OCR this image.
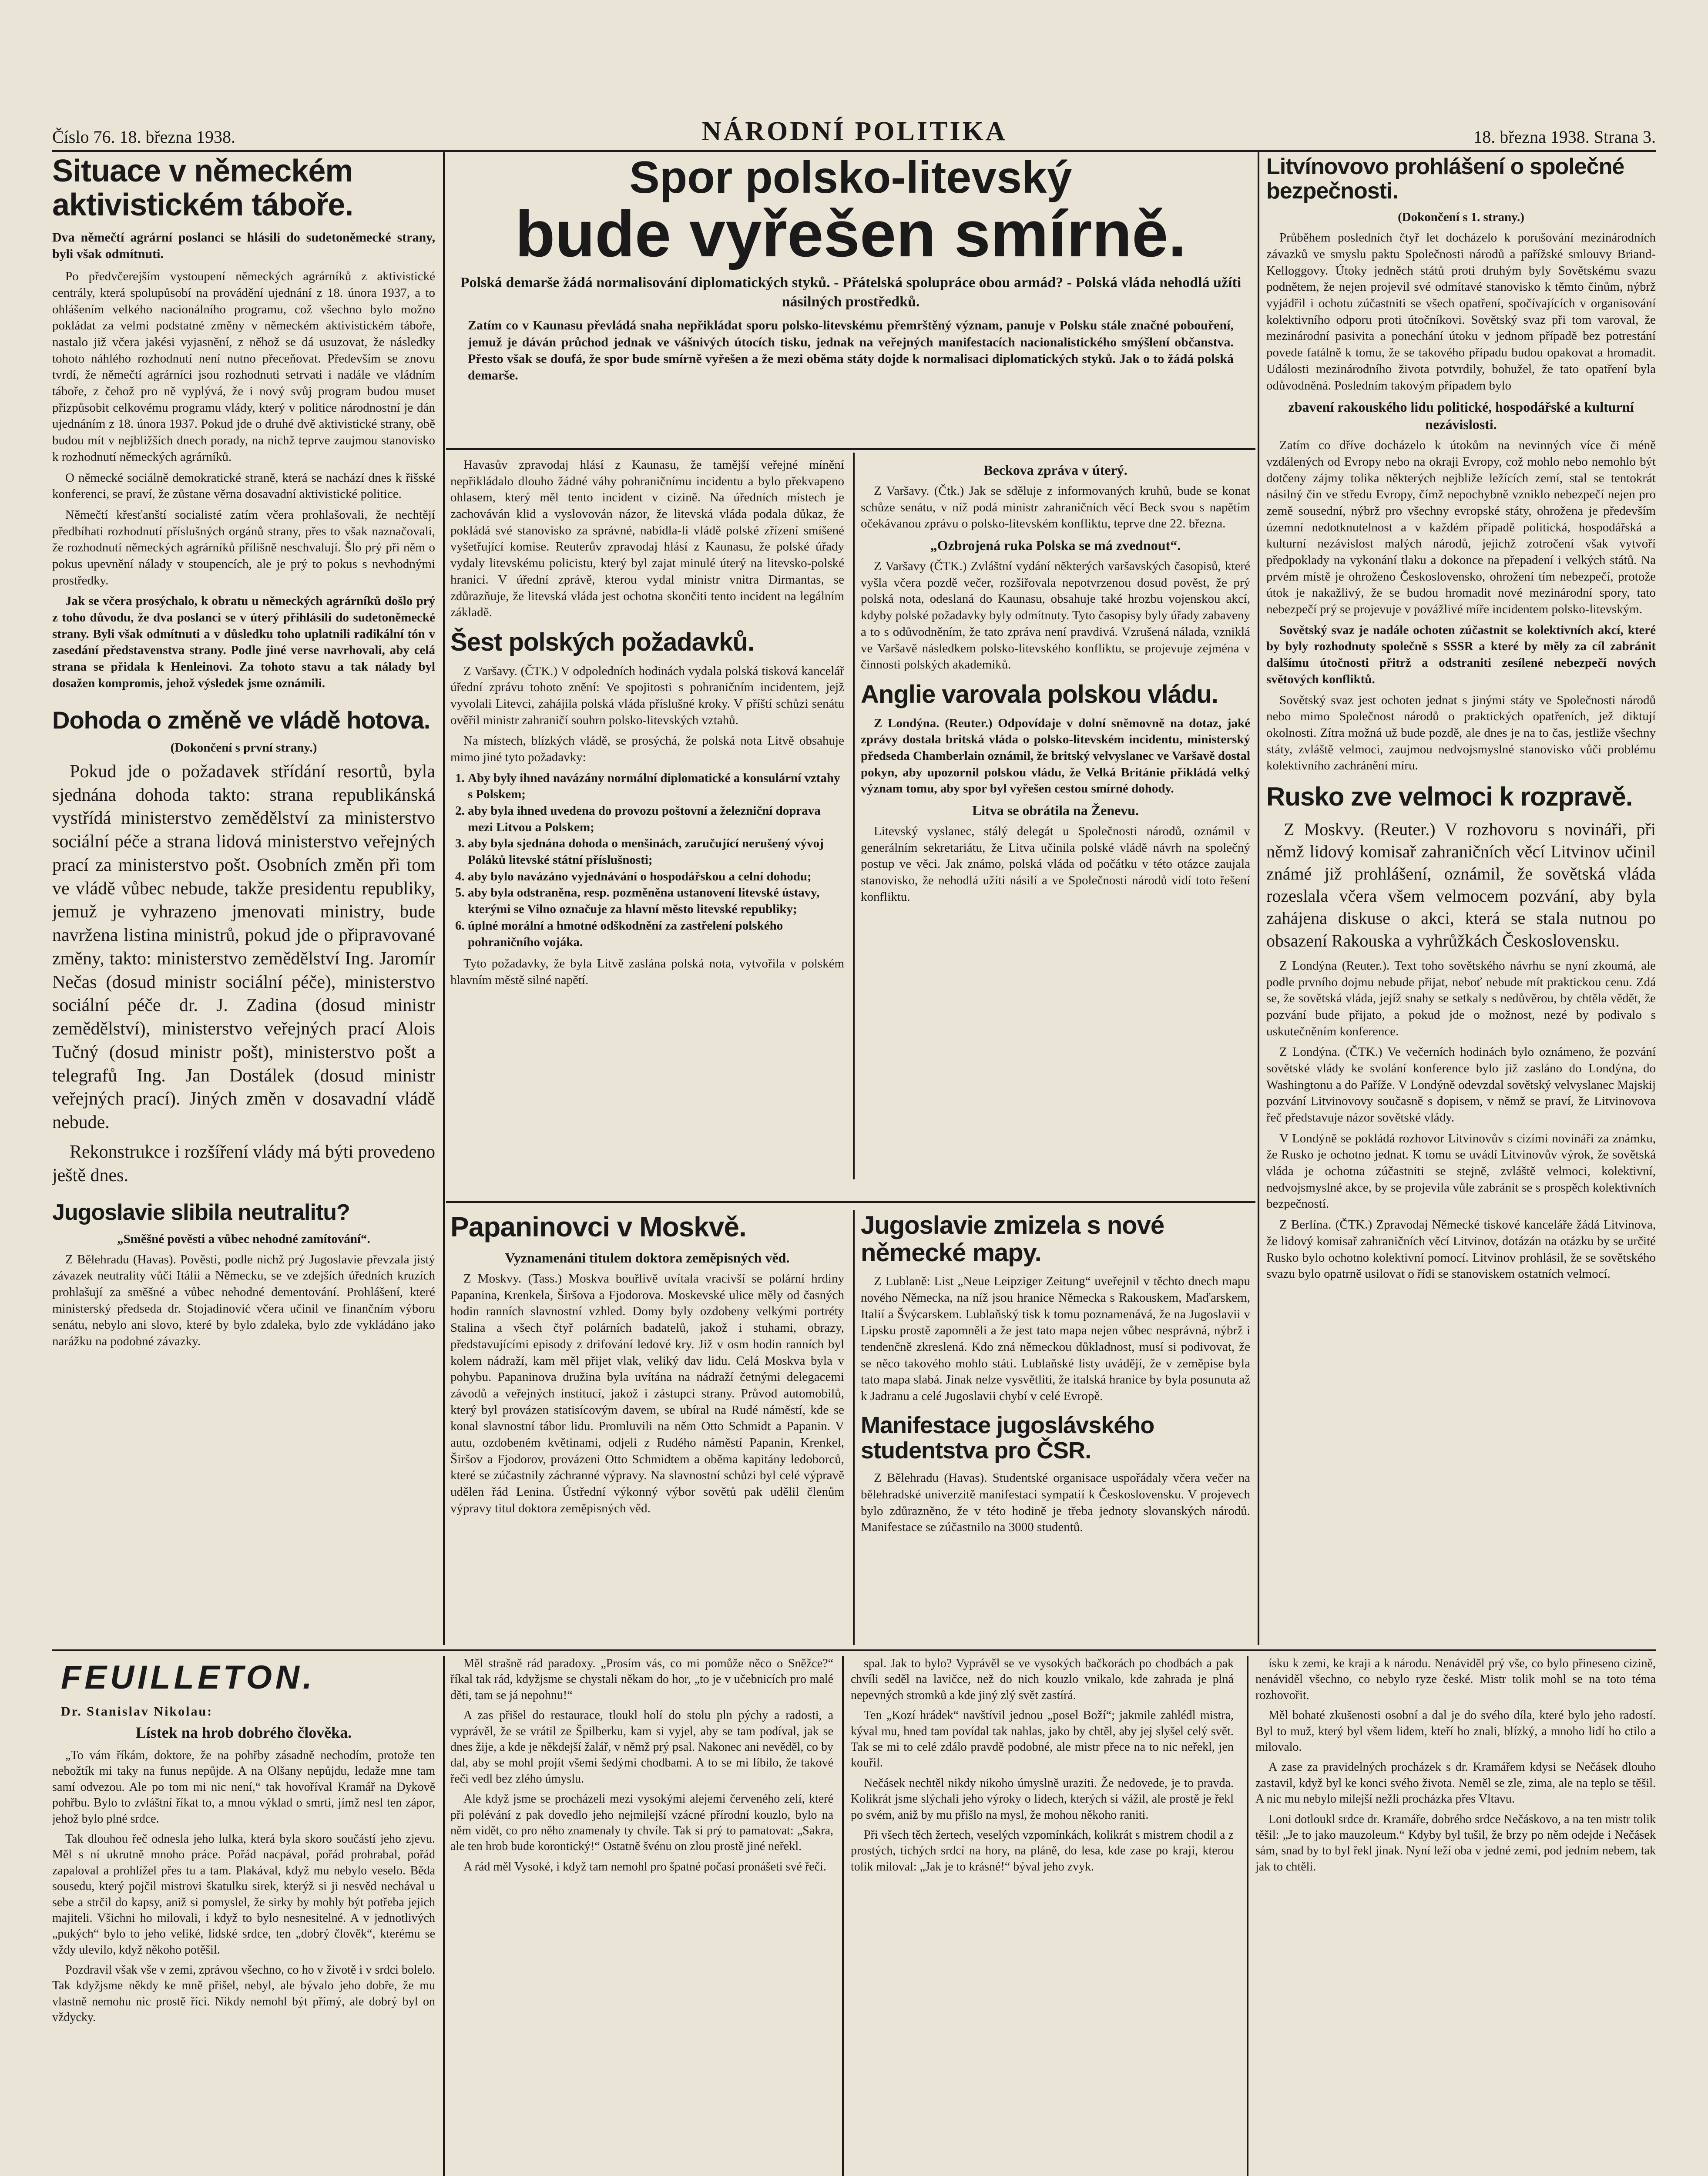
Číslo 76. 18. března 1938.	NÁRODNÍ POLITIKA	18. března 1938. Strana 3.
Situace v německém aktivistickém táboře.
Dva němečtí agrární poslanci se hlásili do sudetoněmecké strany, byli však odmítnuti.

Po předvčerejším vystoupení německých agrárníků z aktivistické centrály, která spolupůsobí na provádění ujednání z 18. února 1937, a to ohlášením velkého nacionálního programu, což všechno bylo možno pokládat za velmi podstatné změny v německém aktivistickém táboře, nastalo již včera jakési vyjasnění, z něhož se dá usuzovat, že následky tohoto náhlého rozhodnutí není nutno přeceňovat. Především se znovu tvrdí, že němečtí agrárníci jsou rozhodnuti setrvati i nadále ve vládním táboře, z čehož pro ně vyplývá, že i nový svůj program budou muset přizpůsobit celkovému programu vlády, který v politice národnostní je dán ujednáním z 18. února 1937. Pokud jde o druhé dvě aktivistické strany, obě budou mít v nejbližších dnech porady, na nichž teprve zaujmou stanovisko k rozhodnutí německých agrárníků.

O německé sociálně demokratické straně, která se nachází dnes k řišské konferenci, se praví, že zůstane věrna dosavadní aktivistické politice.

Němečtí křesťanští socialisté zatím včera prohlašovali, že nechtějí předbíhati rozhodnutí příslušných orgánů strany, přes to však naznačovali, že rozhodnutí německých agrárníků přílišně neschvalují. Šlo prý při něm o pokus upevnění nálady v stoupencích, ale je prý to pokus s nevhodnými prostředky.

Jak se včera prosýchalo, k obratu u německých agrárníků došlo prý z toho důvodu, že dva poslanci se v úterý přihlásili do sudetoněmecké strany. Byli však odmítnuti a v důsledku toho uplatnili radikální tón v zasedání představenstva strany. Podle jiné verse navrhovali, aby celá strana se přidala k Henleinovi. Za tohoto stavu a tak nálady byl dosažen kompromis, jehož výsledek jsme oznámili.

Dohoda o změně ve vládě hotova.
(Dokončení s první strany.)

Pokud jde o požadavek střídání resortů, byla sjednána dohoda takto: strana republikánská vystřídá ministerstvo zemědělství za ministerstvo sociální péče a strana lidová ministerstvo veřejných prací za ministerstvo pošt. Osobních změn při tom ve vládě vůbec nebude, takže presidentu republiky, jemuž je vyhrazeno jmenovati ministry, bude navržena listina ministrů, pokud jde o připravované změny, takto: ministerstvo zemědělství Ing. Jaromír Nečas (dosud ministr sociální péče), ministerstvo sociální péče dr. J. Zadina (dosud ministr zemědělství), ministerstvo veřejných prací Alois Tučný (dosud ministr pošt), ministerstvo pošt a telegrafů Ing. Jan Dostálek (dosud ministr veřejných prací). Jiných změn v dosavadní vládě nebude.

Rekonstrukce i rozšíření vlády má býti provedeno ještě dnes.

Jugoslavie slibila neutralitu?
„Směšné pověsti a vůbec nehodné zamítování“.

Z Bělehradu (Havas). Pověsti, podle nichž prý Jugoslavie převzala jistý závazek neutrality vůči Itálii a Německu, se ve zdejších úředních kruzích prohlašují za směšné a vůbec nehodné dementování. Prohlášení, které ministerský předseda dr. Stojadinović včera učinil ve finančním výboru senátu, nebylo ani slovo, které by bylo zdaleka, bylo zde vykládáno jako narážku na podobné závazky.

Spor polsko-litevský
bude vyřešen smírně.
Polská demarše žádá normalisování diplomatických styků. - Přátelská spolupráce obou armád? - Polská vláda nehodlá užíti násilných prostředků.
Zatím co v Kaunasu převládá snaha nepřikládat sporu polsko-litevskému přemrštěný význam, panuje v Polsku stále značné pobouření, jemuž je dáván průchod jednak ve vášnivých útocích tisku, jednak na veřejných manifestacích nacionalistického smýšlení občanstva. Přesto však se doufá, že spor bude smírně vyřešen a že mezi oběma státy dojde k normalisaci diplomatických styků. Jak o to žádá polská demarše.

Havasův zpravodaj hlásí z Kaunasu, že tamější veřejné mínění nepřikládalo dlouho žádné váhy pohraničnímu incidentu a bylo překvapeno ohlasem, který měl tento incident v cizině. Na úředních místech je zachováván klid a vyslovován názor, že litevská vláda podala důkaz, že pokládá své stanovisko za správné, nabídla-li vládě polské zřízení smíšené vyšetřující komise. Reuterův zpravodaj hlásí z Kaunasu, že polské úřady vydaly litevskému policistu, který byl zajat minulé úterý na litevsko-polské hranici. V úřední zprávě, kterou vydal ministr vnitra Dirmantas, se zdůrazňuje, že litevská vláda jest ochotna skončiti tento incident na legálním základě.

Šest polských požadavků.

Z Varšavy. (ČTK.) V odpoledních hodinách vydala polská tisková kancelář úřední zprávu tohoto znění: Ve spojitosti s pohraničním incidentem, jejž vyvolali Litevci, zahájila polská vláda příslušné kroky. V příští schůzi senátu ověřil ministr zahraničí souhrn polsko-litevských vztahů.

Na místech, blízkých vládě, se prosýchá, že polská nota Litvě obsahuje mimo jiné tyto požadavky:

1. Aby byly ihned navázány normální diplomatické a konsulární vztahy s Polskem;
2. aby byla ihned uvedena do provozu poštovní a železniční doprava mezi Litvou a Polskem;
3. aby byla sjednána dohoda o menšinách, zaručující nerušený vývoj Poláků litevské státní příslušnosti;
4. aby bylo navázáno vyjednávání o hospodářskou a celní dohodu;
5. aby byla odstraněna, resp. pozměněna ustanovení litevské ústavy, kterými se Vilno označuje za hlavní město litevské republiky;
6. úplné morální a hmotné odškodnění za zastřelení polského pohraničního vojáka.

Tyto požadavky, že byla Litvě zaslána polská nota, vytvořila v polském hlavním městě silné napětí.

Beckova zpráva v úterý.

Z Varšavy. (Čtk.) Jak se sděluje z informovaných kruhů, bude se konat schůze senátu, v níž podá ministr zahraničních věcí Beck svou s napětím očekávanou zprávu o polsko-litevském konfliktu, teprve dne 22. března.

„Ozbrojená ruka Polska se má zvednout“.

Z Varšavy (ČTK.) Zvláštní vydání některých varšavských časopisů, které vyšla včera pozdě večer, rozšiřovala nepotvrzenou dosud pověst, že prý polská nota, odeslaná do Kaunasu, obsahuje také hrozbu vojenskou akcí, kdyby polské požadavky byly odmítnuty. Tyto časopisy byly úřady zabaveny a to s odůvodněním, že tato zpráva není pravdivá. Vzrušená nálada, vzniklá ve Varšavě následkem polsko-litevského konfliktu, se projevuje zejména v činnosti polských akademiků.

Anglie varovala polskou vládu.

Z Londýna. (Reuter.) Odpovídaje v dolní sněmovně na dotaz, jaké zprávy dostala britská vláda o polsko-litevském incidentu, ministerský předseda Chamberlain oznámil, že britský velvyslanec ve Varšavě dostal pokyn, aby upozornil polskou vládu, že Velká Británie přikládá velký význam tomu, aby spor byl vyřešen cestou smírné dohody.

Litva se obrátila na Ženevu.

Litevský vyslanec, stálý delegát u Společnosti národů, oznámil v generálním sekretariátu, že Litva učinila polské vládě návrh na společný postup ve věci. Jak známo, polská vláda od počátku v této otázce zaujala stanovisko, že nehodlá užíti násilí a ve Společnosti národů vidí toto řešení konfliktu.

Papaninovci v Moskvě.
Vyznamenáni titulem doktora zeměpisných věd.

Z Moskvy. (Tass.) Moskva bouřlivě uvítala vracivší se polární hrdiny Papanina, Krenkela, Širšova a Fjodorova. Moskevské ulice měly od časných hodin ranních slavnostní vzhled. Domy byly ozdobeny velkými portréty Stalina a všech čtyř polárních badatelů, jakož i stuhami, obrazy, představujícími episody z drifování ledové kry. Již v osm hodin ranních byl kolem nádraží, kam měl přijet vlak, veliký dav lidu. Celá Moskva byla v pohybu. Papaninova družina byla uvítána na nádraží četnými delegacemi závodů a veřejných institucí, jakož i zástupci strany. Průvod automobilů, který byl provázen statisícovým davem, se ubíral na Rudé náměstí, kde se konal slavnostní tábor lidu. Promluvili na něm Otto Schmidt a Papanin. V autu, ozdobeném květinami, odjeli z Rudého náměstí Papanin, Krenkel, Širšov a Fjodorov, provázeni Otto Schmidtem a oběma kapitány ledoborců, které se zúčastnily záchranné výpravy. Na slavnostní schůzi byl celé výpravě udělen řád Lenina. Ústřední výkonný výbor sovětů pak udělil členům výpravy titul doktora zeměpisných věd.

Jugoslavie zmizela s nové německé mapy.

Z Lublaně: List „Neue Leipziger Zeitung“ uveřejnil v těchto dnech mapu nového Německa, na níž jsou hranice Německa s Rakouskem, Maďarskem, Italií a Švýcarskem. Lublaňský tisk k tomu poznamenává, že na Jugoslavii v Lipsku prostě zapomněli a že jest tato mapa nejen vůbec nesprávná, nýbrž i tendenčně zkreslená. Kdo zná německou důkladnost, musí si podivovat, že se něco takového mohlo státi. Lublaňské listy uvádějí, že v zeměpise byla tato mapa slabá. Jinak nelze vysvětliti, že italská hranice by byla posunuta až k Jadranu a celé Jugoslavii chybí v celé Evropě.

Manifestace jugoslávského studentstva pro ČSR.

Z Bělehradu (Havas). Studentské organisace uspořádaly včera večer na bělehradské univerzitě manifestaci sympatií k Československu. V projevech bylo zdůrazněno, že v této hodině je třeba jednoty slovanských národů. Manifestace se zúčastnilo na 3000 studentů.

Litvínovovo prohlášení o společné bezpečnosti.
(Dokončení s 1. strany.)

Průběhem posledních čtyř let docházelo k porušování mezinárodních závazků ve smyslu paktu Společnosti národů a pařížské smlouvy Briand-Kelloggovy. Útoky jedněch států proti druhým byly Sovětskému svazu podnětem, že nejen projevil své odmítavé stanovisko k těmto činům, nýbrž vyjádřil i ochotu zúčastniti se všech opatření, spočívajících v organisování kolektivního odporu proti útočníkovi. Sovětský svaz při tom varoval, že mezinárodní pasivita a ponechání útoku v jednom případě bez potrestání povede fatálně k tomu, že se takového případu budou opakovat a hromadit. Události mezinárodního života potvrdily, bohužel, že tato opatření byla odůvodněná. Posledním takovým případem bylo

zbavení rakouského lidu politické, hospodářské a kulturní nezávislosti.

Zatím co dříve docházelo k útokům na nevinných více či méně vzdálených od Evropy nebo na okraji Evropy, což mohlo nebo nemohlo být dotčeny zájmy tolika některých nejbliže ležících zemí, stal se tentokrát násilný čin ve středu Evropy, čímž nepochybně vzniklo nebezpečí nejen pro země sousední, nýbrž pro všechny evropské státy, ohrožena je především územní nedotknutelnost a v každém případě politická, hospodářská a kulturní nezávislost malých národů, jejichž zotročení však vytvoří předpoklady na vykonání tlaku a dokonce na přepadení i velkých států. Na prvém místě je ohroženo Československo, ohrožení tím nebezpečí, protože útok je nakažlivý, že se budou hromadit nové mezinárodní spory, tato nebezpečí prý se projevuje v povážlivé míře incidentem polsko-litevským.

Sovětský svaz je nadále ochoten zúčastnit se kolektivních akcí, které by byly rozhodnuty společně s SSSR a které by měly za cíl zabránit dalšímu útočnosti přitrž a odstraniti zesílené nebezpečí nových světových konfliktů.

Sovětský svaz jest ochoten jednat s jinými státy ve Společnosti národů nebo mimo Společnost národů o praktických opatřeních, jež diktují okolnosti. Zítra možná už bude pozdě, ale dnes je na to čas, jestliže všechny státy, zvláště velmoci, zaujmou nedvojsmyslné stanovisko vůči problému kolektivního zachránění míru.

Rusko zve velmoci k rozpravě.

Z Moskvy. (Reuter.) V rozhovoru s novináři, při němž lidový komisař zahraničních věcí Litvinov učinil známé již prohlášení, oznámil, že sovětská vláda rozeslala včera všem velmocem pozvání, aby byla zahájena diskuse o akci, která se stala nutnou po obsazení Rakouska a vyhrůžkách Československu.

Z Londýna (Reuter.). Text toho sovětského návrhu se nyní zkoumá, ale podle prvního dojmu nebude přijat, neboť nebude mít praktickou cenu. Zdá se, že sovětská vláda, jejíž snahy se setkaly s nedůvěrou, by chtěla vědět, že pozvání bude přijato, a pokud jde o možnost, nezé by podivalo s uskutečněním konference.

Z Londýna. (ČTK.) Ve večerních hodinách bylo oznámeno, že pozvání sovětské vlády ke svolání konference bylo již zasláno do Londýna, do Washingtonu a do Paříže. V Londýně odevzdal sovětský velvyslanec Majskij pozvání Litvinovovy současně s dopisem, v němž se praví, že Litvinovova řeč představuje názor sovětské vlády.

V Londýně se pokládá rozhovor Litvinovův s cizími novináři za známku, že Rusko je ochotno jednat. K tomu se uvádí Litvinovův výrok, že sovětská vláda je ochotna zúčastniti se stejně, zvláště velmoci, kolektivní, nedvojsmyslné akce, by se projevila vůle zabránit se s prospěch kolektivních bezpečností.

Z Berlína. (ČTK.) Zpravodaj Německé tiskové kanceláře žádá Litvinova, že lidový komisař zahraničních věcí Litvinov, dotázán na otázku by se určité Rusko bylo ochotno kolektivní pomocí. Litvinov prohlásil, že se sovětského svazu bylo opatrně usilovat o řídi se stanoviskem ostatních velmocí.

FEUILLETON.
Dr. Stanislav Nikolau:
Lístek na hrob dobrého člověka.

„To vám říkám, doktore, že na pohřby zásadně nechodím, protože ten nebožtík mi taky na funus nepůjde. A na Olšany nepůjdu, ledaže mne tam samí odvezou. Ale po tom mi nic není,“ tak hovoříval Kramář na Dykově pohřbu. Bylo to zvláštní říkat to, a mnou výklad o smrti, jímž nesl ten zápor, jehož bylo plné srdce.

Tak dlouhou řeč odnesla jeho lulka, která byla skoro součástí jeho zjevu. Měl s ní ukrutně mnoho práce. Pořád nacpával, pořád prohrabal, pořád zapaloval a prohlížel přes tu a tam. Plakával, když mu nebylo veselo. Běda sousedu, který pojčil mistrovi škatulku sirek, kterýž si ji nesvěd nechával u sebe a strčil do kapsy, aniž si pomyslel, že sirky by mohly být potřeba jejich majiteli. Všichni ho milovali, i když to bylo nesnesitelné. A v jednotlivých „pukých“ bylo to jeho veliké, lidské srdce, ten „dobrý člověk“, kterému se vždy ulevilo, když někoho potěšil.

Pozdravil však vše v zemi, zprávou všechno, co ho v životě i v srdci bolelo. Tak kdyžjsme někdy ke mně přišel, nebyl, ale bývalo jeho dobře, že mu vlastně nemohu nic prostě říci. Nikdy nemohl být přímý, ale dobrý byl on vždycky.

Měl strašně rád paradoxy. „Prosím vás, co mi pomůže něco o Sněžce?“ říkal tak rád, kdyžjsme se chystali někam do hor, „to je v učebnicích pro malé děti, tam se já nepohnu!“

A zas přišel do restaurace, tloukl holí do stolu pln pýchy a radosti, a vyprávěl, že se vrátil ze Špilberku, kam si vyjel, aby se tam podíval, jak se dnes žije, a kde je někdejší žalář, v němž prý psal. Nakonec ani nevěděl, co by dal, aby se mohl projít všemi šedými chodbami. A to se mi líbilo, že takové řeči vedl bez zlého úmyslu.

Ale když jsme se procházeli mezi vysokými alejemi červeného zelí, které při polévání z pak dovedlo jeho nejmilejší vzácné přírodní kouzlo, bylo na něm vidět, co pro něho znamenaly ty chvíle. Tak si prý to pamatovat: „Sakra, ale ten hrob bude korontický!“ Ostatně švénu on zlou prostě jiné neřekl.

A rád měl Vysoké, i když tam nemohl pro špatné počasí pronášeti své řeči.

spal. Jak to bylo? Vyprávěl se ve vysokých bačkorách po chodbách a pak chvíli seděl na lavičce, než do nich kouzlo vnikalo, kde zahrada je plná nepevných stromků a kde jiný zlý svět zastírá.

Ten „Kozí hrádek“ navštívil jednou „posel Boží“; jakmile zahlédl mistra, kýval mu, hned tam povídal tak nahlas, jako by chtěl, aby jej slyšel celý svět. Tak se mi to celé zdálo pravdě podobné, ale mistr přece na to nic neřekl, jen kouřil.

Nečásek nechtěl nikdy nikoho úmyslně uraziti. Že nedovede, je to pravda. Kolikrát jsme slýchali jeho výroky o lidech, kterých si vážil, ale prostě je řekl po svém, aniž by mu přišlo na mysl, že mohou někoho raniti.

Při všech těch žertech, veselých vzpomínkách, kolikrát s mistrem chodil a z prostých, tichých srdcí na hory, na pláně, do lesa, kde zase po kraji, kterou tolik miloval: „Jak je to krásné!“ býval jeho zvyk.

ísku k zemi, ke kraji a k národu. Nenáviděl prý vše, co bylo přineseno cizině, nenáviděl všechno, co nebylo ryze české. Mistr tolik mohl se na toto téma rozhovořit.

Měl bohaté zkušenosti osobní a dal je do svého díla, které bylo jeho radostí. Byl to muž, který byl všem lidem, kteří ho znali, blízký, a mnoho lidí ho ctilo a milovalo.

A zase za pravidelných procházek s dr. Kramářem kdysi se Nečásek dlouho zastavil, když byl ke konci svého života. Neměl se zle, zima, ale na teplo se těšil. A nic mu nebylo milejší nežli procházka přes Vltavu.

Loni dotloukl srdce dr. Kramáře, dobrého srdce Nečáskovo, a na ten mistr tolik těšil: „Je to jako mauzoleum.“ Kdyby byl tušil, že brzy po něm odejde i Nečásek sám, snad by to byl řekl jinak. Nyní leží oba v jedné zemi, pod jedním nebem, tak jak to chtěli.
